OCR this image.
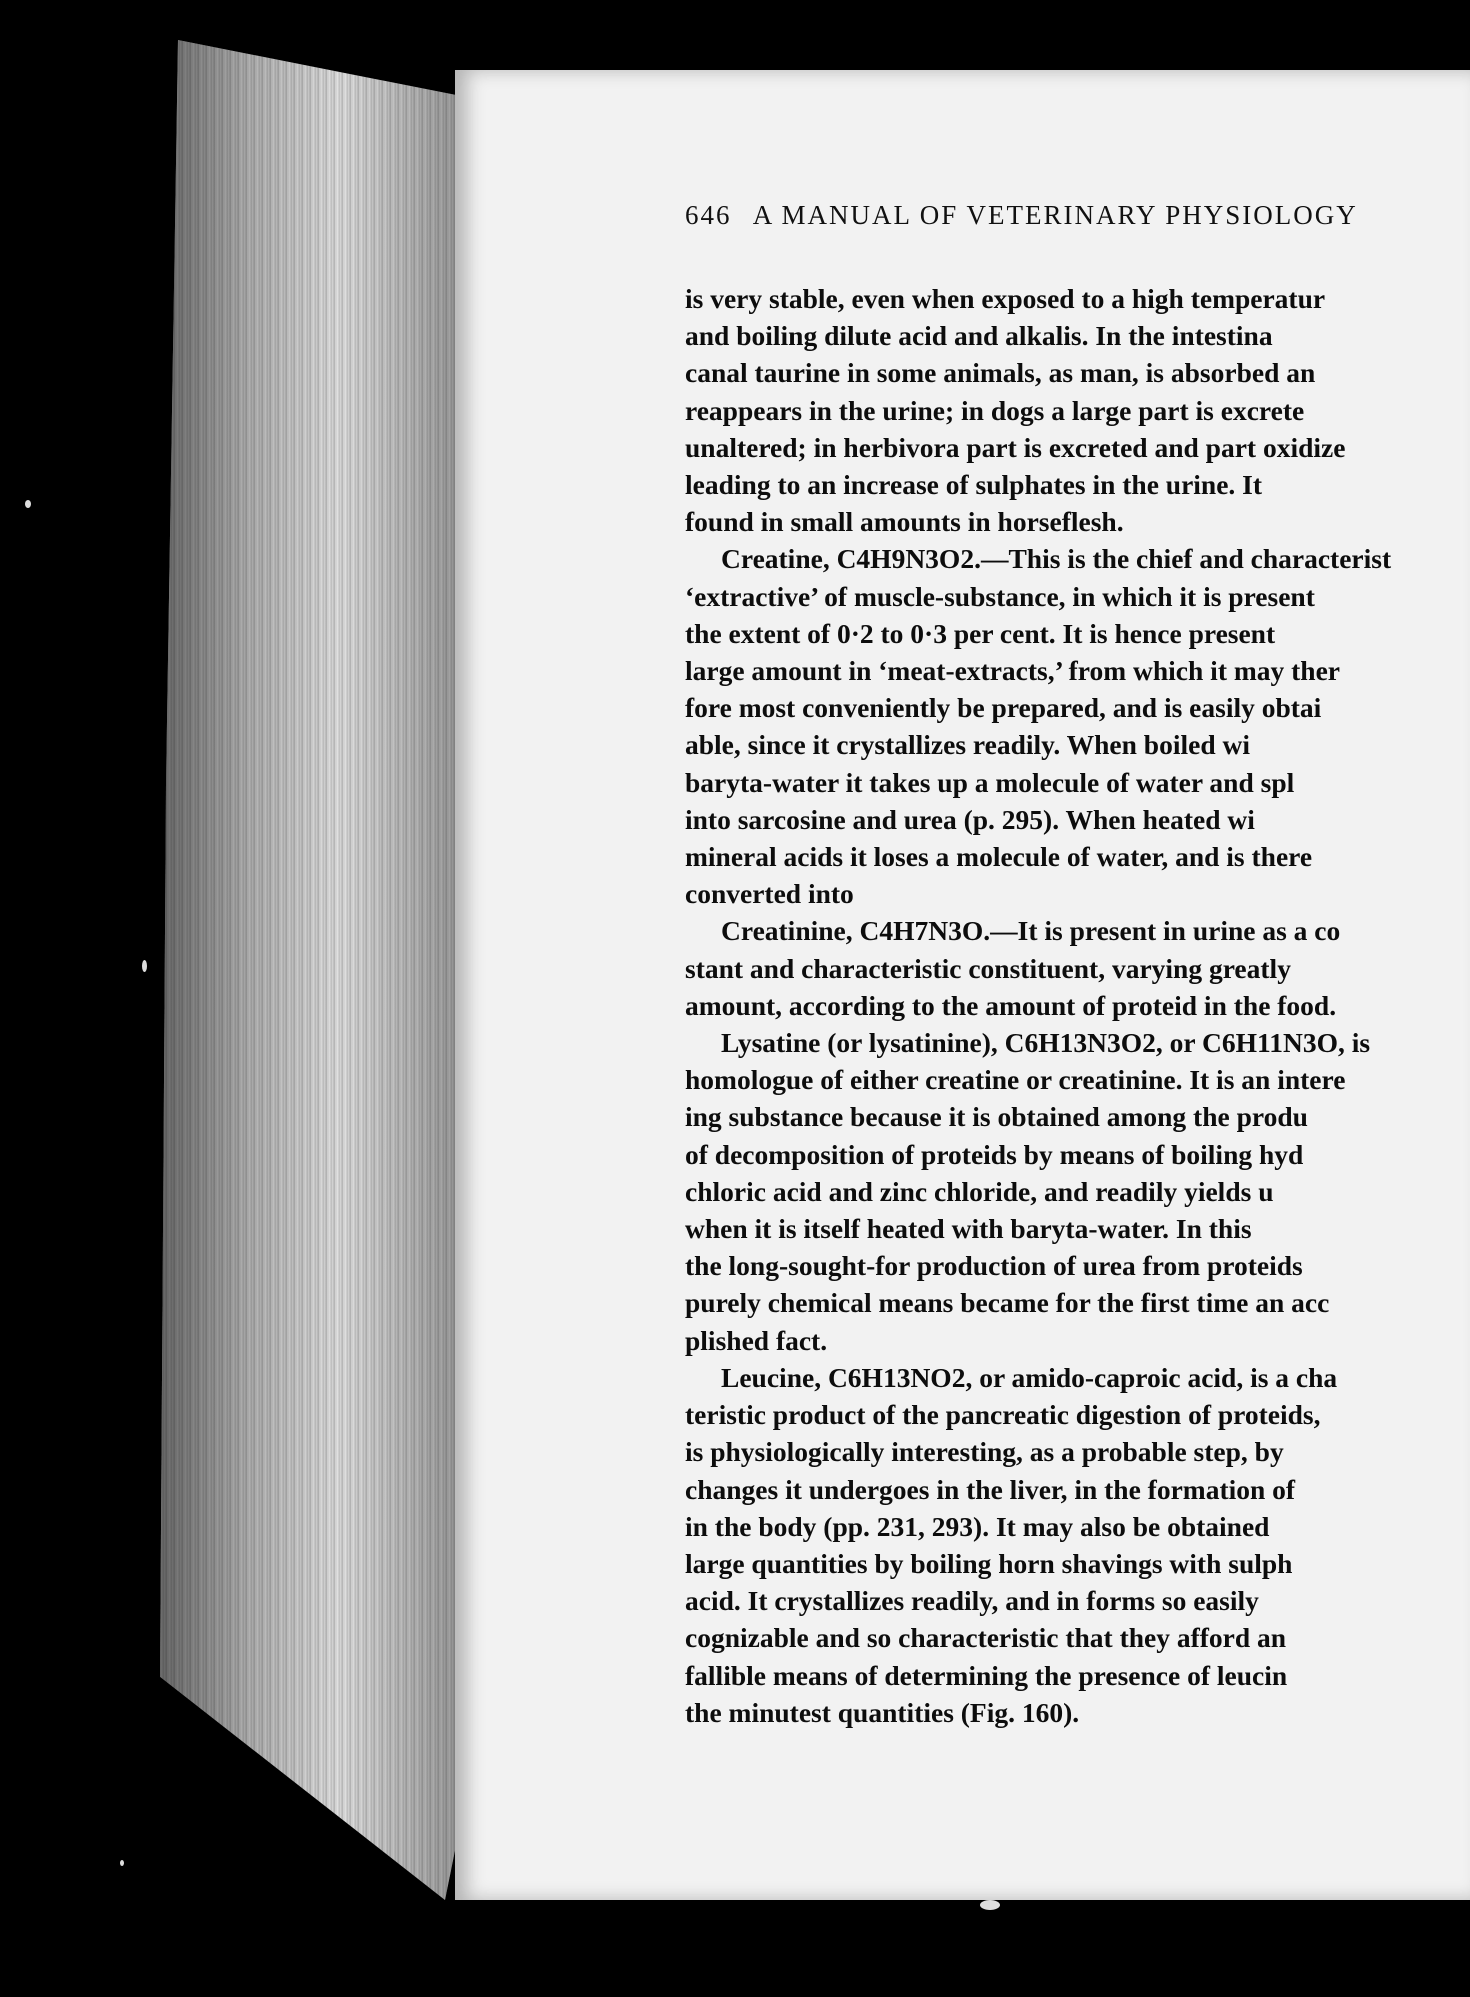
646 A MANUAL OF VETERINARY PHYSIOLOGY
is very stable, even when exposed to a high temperatur
and boiling dilute acid and alkalis. In the intestina
canal taurine in some animals, as man, is absorbed an
reappears in the urine; in dogs a large part is excrete
unaltered; in herbivora part is excreted and part oxidize
leading to an increase of sulphates in the urine. It
found in small amounts in horseflesh.
Creatine, C4H9N3O2.—This is the chief and characterist
‘extractive’ of muscle-substance, in which it is present
the extent of 0·2 to 0·3 per cent. It is hence present
large amount in ‘meat-extracts,’ from which it may ther
fore most conveniently be prepared, and is easily obtai
able, since it crystallizes readily. When boiled wi
baryta-water it takes up a molecule of water and spl
into sarcosine and urea (p. 295). When heated wi
mineral acids it loses a molecule of water, and is there
converted into
Creatinine, C4H7N3O.—It is present in urine as a co
stant and characteristic constituent, varying greatly
amount, according to the amount of proteid in the food.
Lysatine (or lysatinine), C6H13N3O2, or C6H11N3O, is
homologue of either creatine or creatinine. It is an intere
ing substance because it is obtained among the produ
of decomposition of proteids by means of boiling hyd
chloric acid and zinc chloride, and readily yields u
when it is itself heated with baryta-water. In this
the long-sought-for production of urea from proteids
purely chemical means became for the first time an acc
plished fact.
Leucine, C6H13NO2, or amido-caproic acid, is a cha
teristic product of the pancreatic digestion of proteids,
is physiologically interesting, as a probable step, by
changes it undergoes in the liver, in the formation of
in the body (pp. 231, 293). It may also be obtained
large quantities by boiling horn shavings with sulph
acid. It crystallizes readily, and in forms so easily
cognizable and so characteristic that they afford an
fallible means of determining the presence of leucin
the minutest quantities (Fig. 160).
